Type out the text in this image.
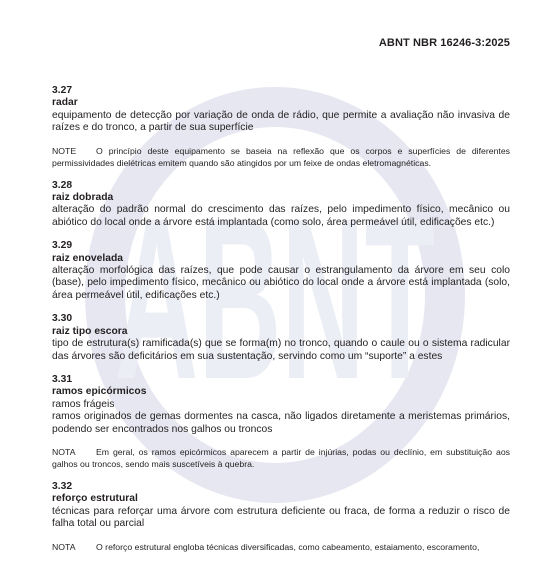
ABNT
ABNT NBR 16246-3:2025
3.27
radar
equipamento de detecção por variação de onda de rádio, que permite a avaliação não invasiva de raízes e do tronco, a partir de sua superfície
NOTE O princípio deste equipamento se baseia na reflexão que os corpos e superfícies de diferentes permissividades dielétricas emitem quando são atingidos por um feixe de ondas eletromagnéticas.
3.28
raiz dobrada
alteração do padrão normal do crescimento das raízes, pelo impedimento físico, mecânico ou abiótico do local onde a árvore está implantada (como solo, área permeável útil, edificações etc.)
3.29
raiz enovelada
alteração morfológica das raízes, que pode causar o estrangulamento da árvore em seu colo (base), pelo impedimento físico, mecânico ou abiótico do local onde a árvore está implantada (solo, área permeável útil, edificações etc.)
3.30
raiz tipo escora
tipo de estrutura(s) ramificada(s) que se forma(m) no tronco, quando o caule ou o sistema radicular das árvores são deficitários em sua sustentação, servindo como um “suporte” a estes
3.31
ramos epicórmicos
ramos frágeis
ramos originados de gemas dormentes na casca, não ligados diretamente a meristemas primários, podendo ser encontrados nos galhos ou troncos
NOTA Em geral, os ramos epicórmicos aparecem a partir de injúrias, podas ou declínio, em substituição aos galhos ou troncos, sendo mais suscetíveis à quebra.
3.32
reforço estrutural
técnicas para reforçar uma árvore com estrutura deficiente ou fraca, de forma a reduzir o risco de falha total ou parcial
NOTA O reforço estrutural engloba técnicas diversificadas, como cabeamento, estaiamento, escoramento,
